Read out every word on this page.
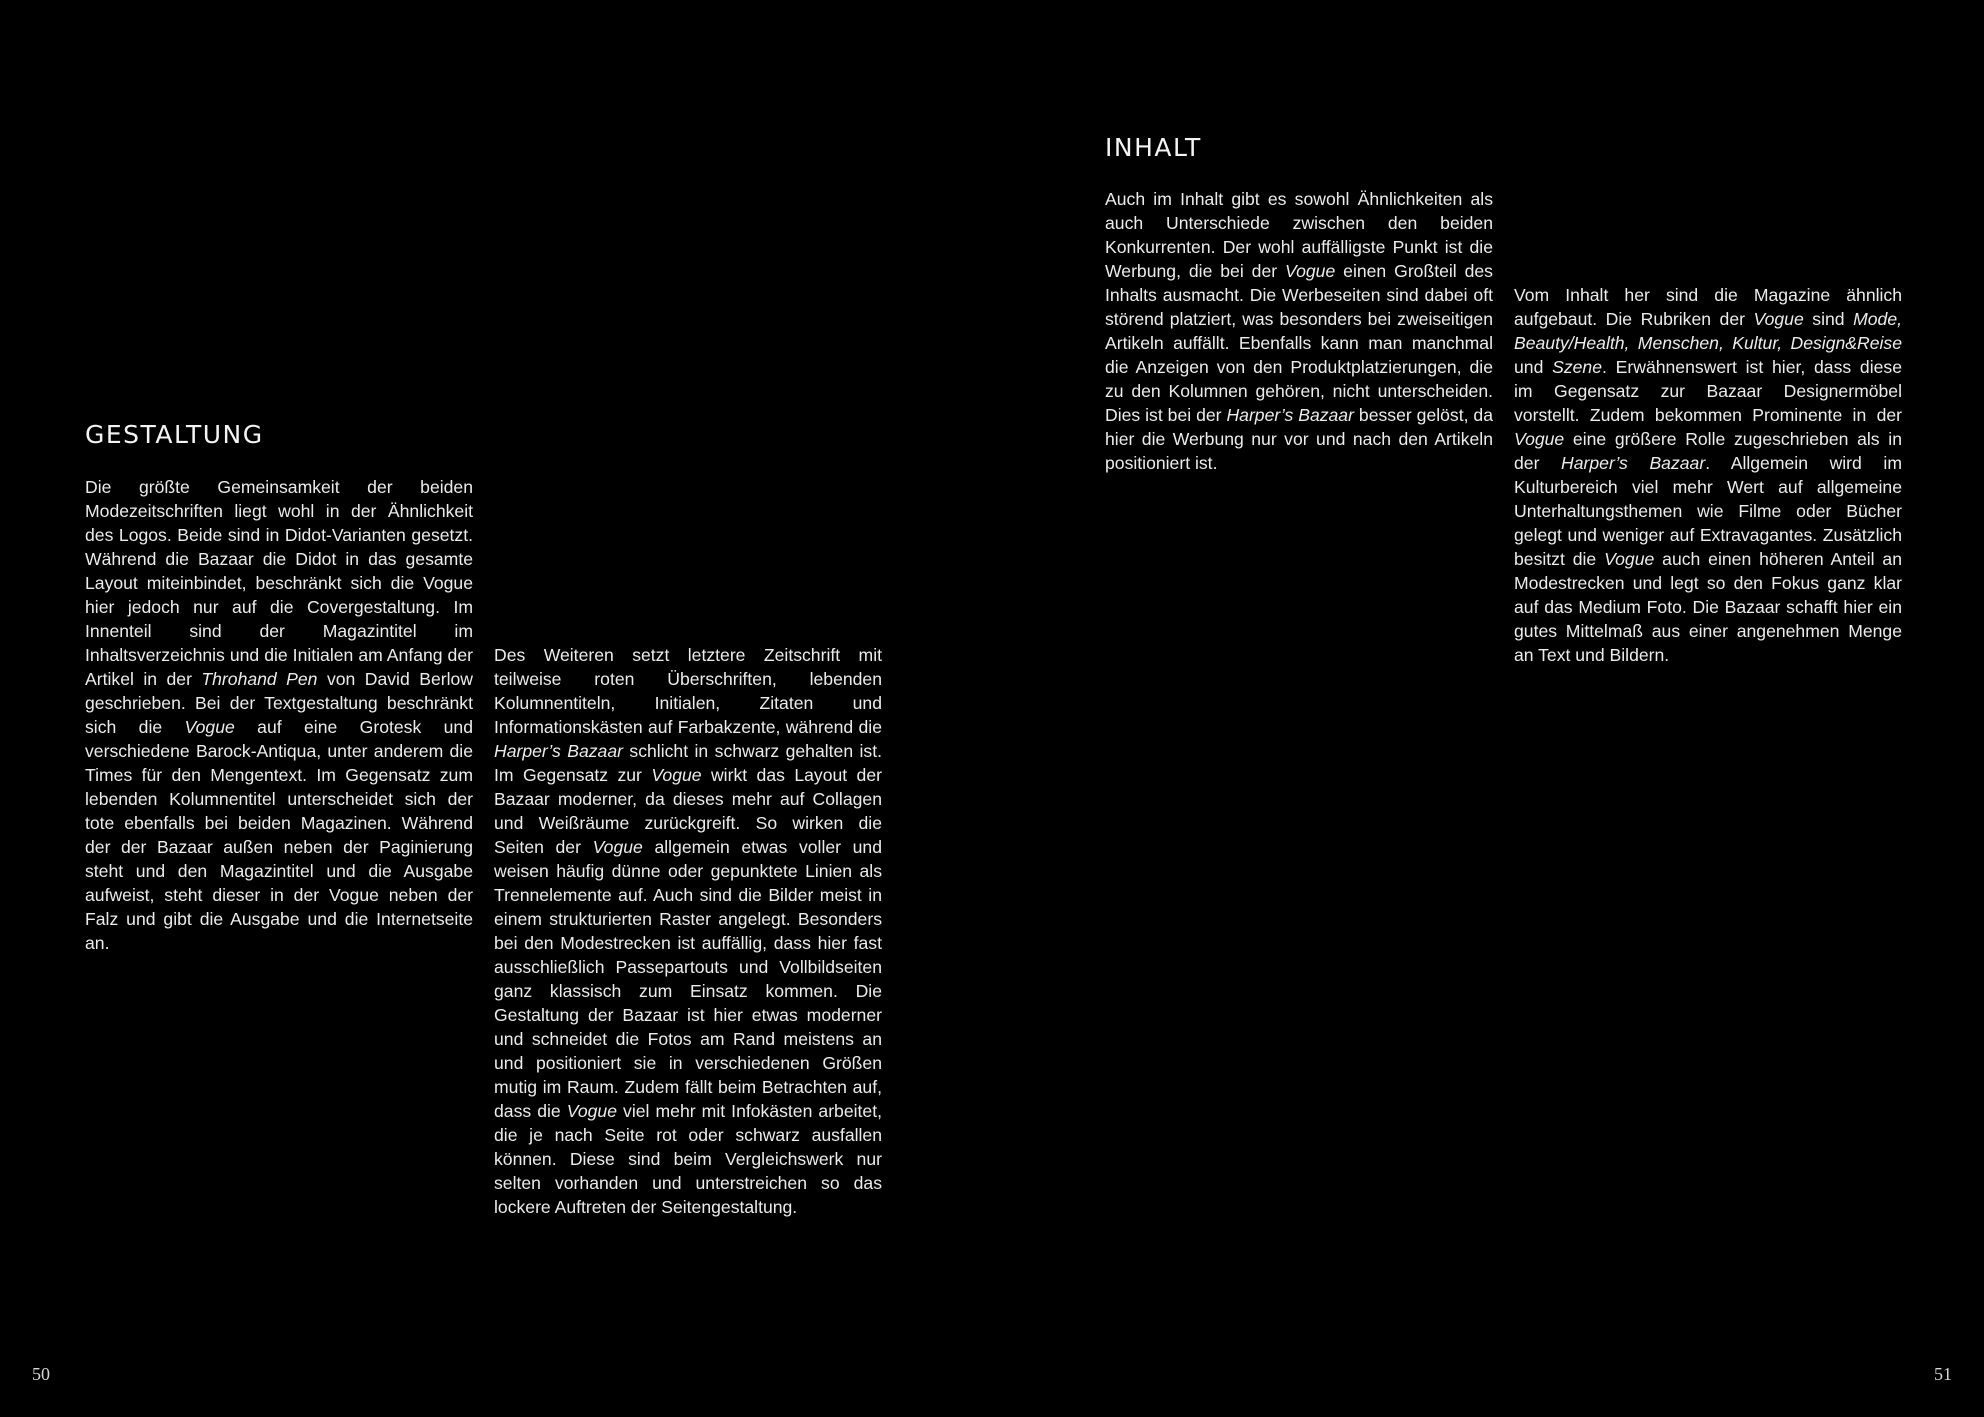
GESTALTUNG

Die größte Gemeinsamkeit der beiden Modezeitschriften liegt wohl in der Ähnlichkeit des Logos. Beide sind in Didot-Varianten gesetzt. Während die Bazaar die Didot in das gesamte Layout miteinbindet, beschränkt sich die Vogue hier jedoch nur auf die Covergestaltung. Im Innenteil sind der Magazintitel im Inhaltsverzeichnis und die Initialen am Anfang der Artikel in der Throhand Pen von David Berlow geschrieben. Bei der Textgestaltung beschränkt sich die Vogue auf eine Grotesk und verschiedene Barock-Antiqua, unter anderem die Times für den Mengentext. Im Gegensatz zum lebenden Kolumnentitel unterscheidet sich der tote ebenfalls bei beiden Magazinen. Während der der Bazaar außen neben der Paginierung steht und den Magazintitel und die Ausgabe aufweist, steht dieser in der Vogue neben der Falz und gibt die Ausgabe und die Internetseite an.

Des Weiteren setzt letztere Zeitschrift mit teilweise roten Überschriften, lebenden Kolumnentiteln, Initialen, Zitaten und Informationskästen auf Farbakzente, während die Harper’s Bazaar schlicht in schwarz gehalten ist. Im Gegensatz zur Vogue wirkt das Layout der Bazaar moderner, da dieses mehr auf Collagen und Weißräume zurückgreift. So wirken die Seiten der Vogue allgemein etwas voller und weisen häufig dünne oder gepunktete Linien als Trennelemente auf. Auch sind die Bilder meist in einem strukturierten Raster angelegt. Besonders bei den Modestrecken ist auffällig, dass hier fast ausschließlich Passepartouts und Vollbildseiten ganz klassisch zum Einsatz kommen. Die Gestaltung der Bazaar ist hier etwas moderner und schneidet die Fotos am Rand meistens an und positioniert sie in verschiedenen Größen mutig im Raum. Zudem fällt beim Betrachten auf, dass die Vogue viel mehr mit Infokästen arbeitet, die je nach Seite rot oder schwarz ausfallen können. Diese sind beim Vergleichswerk nur selten vorhanden und unterstreichen so das lockere Auftreten der Seitengestaltung.

50
INHALT

Auch im Inhalt gibt es sowohl Ähnlichkeiten als auch Unterschiede zwischen den beiden Konkurrenten. Der wohl auffälligste Punkt ist die Werbung, die bei der Vogue einen Großteil des Inhalts ausmacht. Die Werbeseiten sind dabei oft störend platziert, was besonders bei zweiseitigen Artikeln auffällt. Ebenfalls kann man manchmal die Anzeigen von den Produktplatzierungen, die zu den Kolumnen gehören, nicht unterscheiden. Dies ist bei der Harper’s Bazaar besser gelöst, da hier die Werbung nur vor und nach den Artikeln positioniert ist.

Vom Inhalt her sind die Magazine ähnlich aufgebaut. Die Rubriken der Vogue sind Mode, Beauty/Health, Menschen, Kultur, Design&Reise und Szene. Erwähnenswert ist hier, dass diese im Gegensatz zur Bazaar Designermöbel vorstellt. Zudem bekommen Prominente in der Vogue eine größere Rolle zugeschrieben als in der Harper’s Bazaar. Allgemein wird im Kulturbereich viel mehr Wert auf allgemeine Unterhaltungsthemen wie Filme oder Bücher gelegt und weniger auf Extravagantes. Zusätzlich besitzt die Vogue auch einen höheren Anteil an Modestrecken und legt so den Fokus ganz klar auf das Medium Foto. Die Bazaar schafft hier ein gutes Mittelmaß aus einer angenehmen Menge an Text und Bildern.

51
